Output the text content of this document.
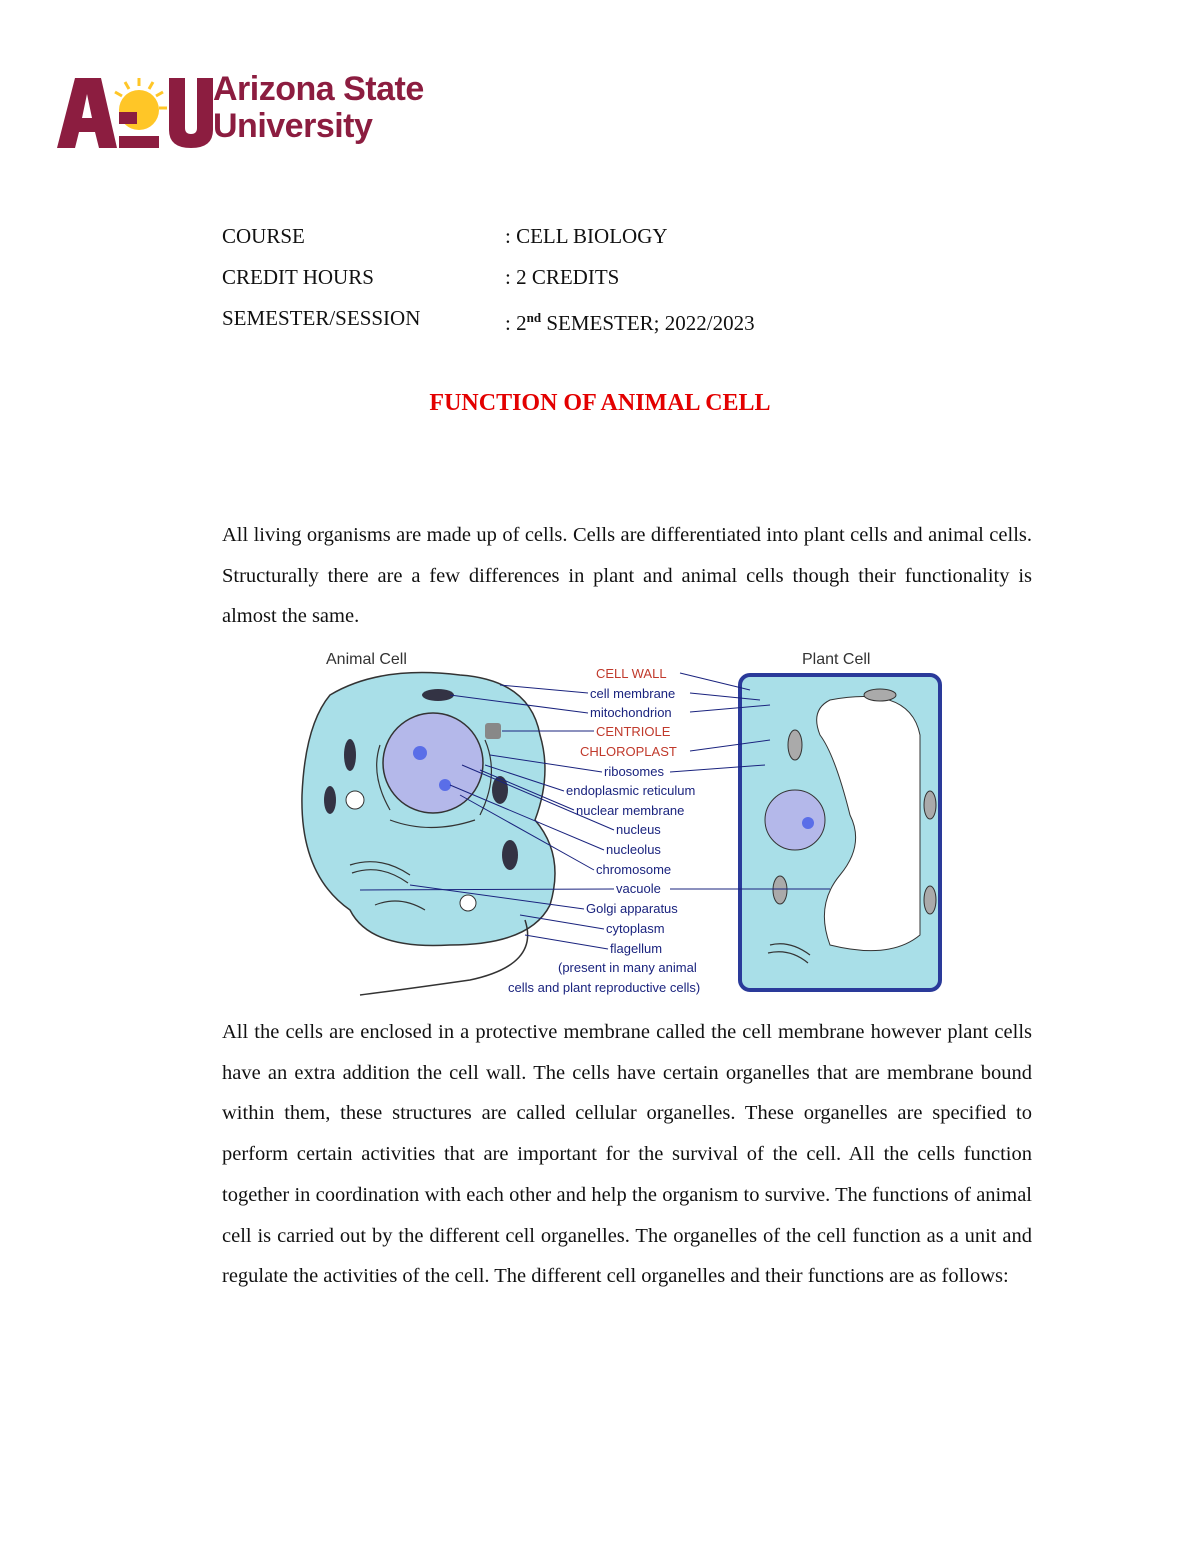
Arizona State
University
COURSE	: CELL BIOLOGY
CREDIT HOURS	: 2 CREDITS
SEMESTER/SESSION	: 2nd SEMESTER; 2022/2023
FUNCTION OF ANIMAL CELL

All living organisms are made up of cells. Cells are differentiated into plant cells and animal cells. Structurally there are a few differences in plant and animal cells though their functionality is almost the same.

Animal Cell	Plant Cell
CELL WALL
cell membrane
mitochondrion
CENTRIOLE
CHLOROPLAST
ribosomes
endoplasmic reticulum
nuclear membrane
nucleus
nucleolus
chromosome
vacuole
Golgi apparatus
cytoplasm
flagellum
(present in many animal
cells and plant reproductive cells)

All the cells are enclosed in a protective membrane called the cell membrane however plant cells have an extra addition the cell wall. The cells have certain organelles that are membrane bound within them, these structures are called cellular organelles. These organelles are specified to perform certain activities that are important for the survival of the cell. All the cells function together in coordination with each other and help the organism to survive. The functions of animal cell is carried out by the different cell organelles. The organelles of the cell function as a unit and regulate the activities of the cell. The different cell organelles and their functions are as follows:
